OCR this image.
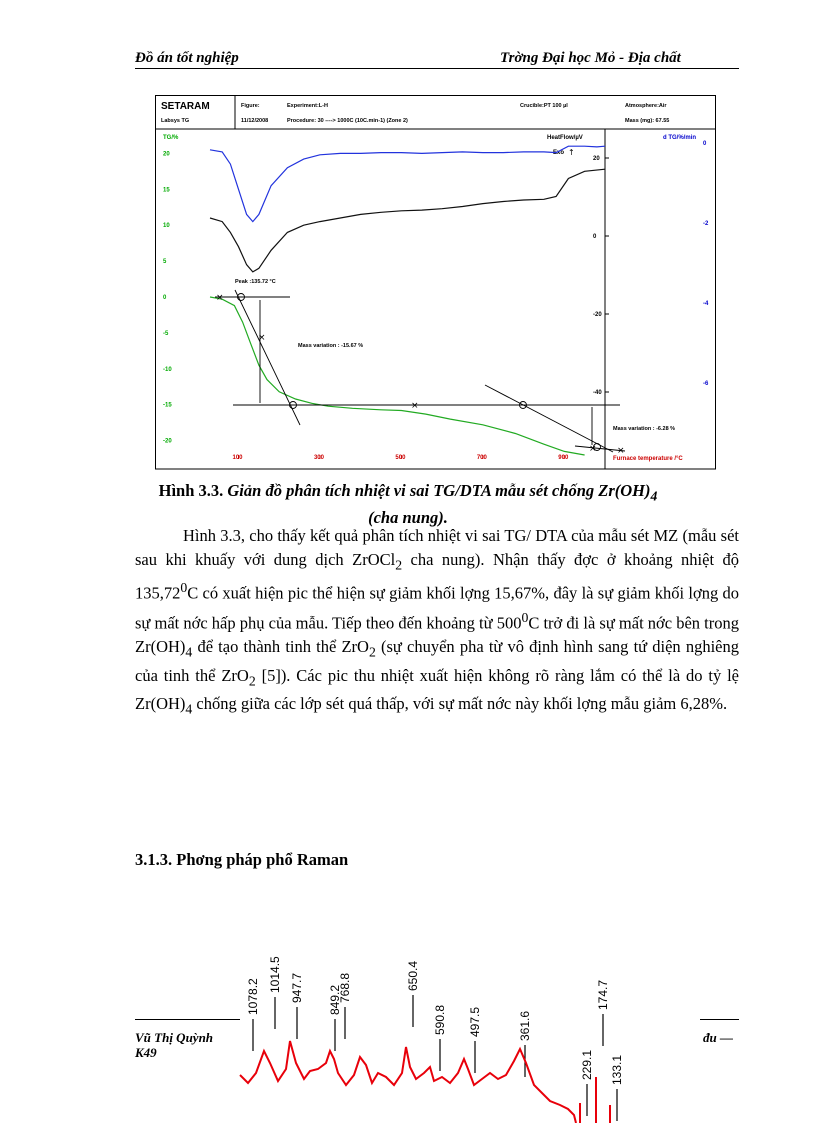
Đồ án tốt nghiệp	Trờng Đại học Mỏ - Địa chất
SETARAM
Labsys TG
Figure:	Experiment:L-H
11/12/2008	Procedure: 30 ----> 1000C (10C.min-1) (Zone 2)
Crucible:PT 100 µl	Atmosphere:Air
Mass (mg): 67.55
TG/%	HeatFlow/µV	d TG/%/min
Exo ↑
Furnace temperature /°C
100	300	500	700	900
20
15
10
5
0
-5
-10
-15
-20
20
0
-20
-40
0
-2
-4
-6
×
×
×
× ×
Peak :135.72 °C
Mass variation : -15.67 %
Mass variation : -6.28 %
Hình 3.3. Giản đồ phân tích nhiệt vi sai TG/DTA mẫu sét chống $Zr(OH)_4$
(cha nung).

Hình 3.3, cho thấy kết quả phân tích nhiệt vi sai TG/ DTA của mẫu sét MZ (mẫu sét sau khi khuấy với dung dịch ZrOCl$_2$ cha nung). Nhận thấy đợc ở khoảng nhiệt độ 135,72$^0$C có xuất hiện pic thể hiện sự giảm khối lợng 15,67%, đây là sự giảm khối lợng do sự mất nớc hấp phụ của mẫu. Tiếp theo đến khoảng từ $500^0C$ trở đi là sự mất nớc bên trong $Zr(OH)_4$ để tạo thành tinh thể ZrO$_2$ (sự chuyển pha từ vô định hình sang tứ diện nghiêng của tinh thể ZrO$_2$ [5]). Các pic thu nhiệt xuất hiện không rõ ràng lắm có thể là do tỷ lệ $Zr(OH)_4$ chống giữa các lớp sét quá thấp, với sự mất nớc này khối lợng mẫu giảm 6,28%.

3.1.3. Phơng pháp phổ Raman
1078.2
1014.5 947.7 849.2
768.8	650.4
590.8 497.5	361.6
229.1
174.7
133.1
Vũ Thị Quỳnh
K49
đu —
